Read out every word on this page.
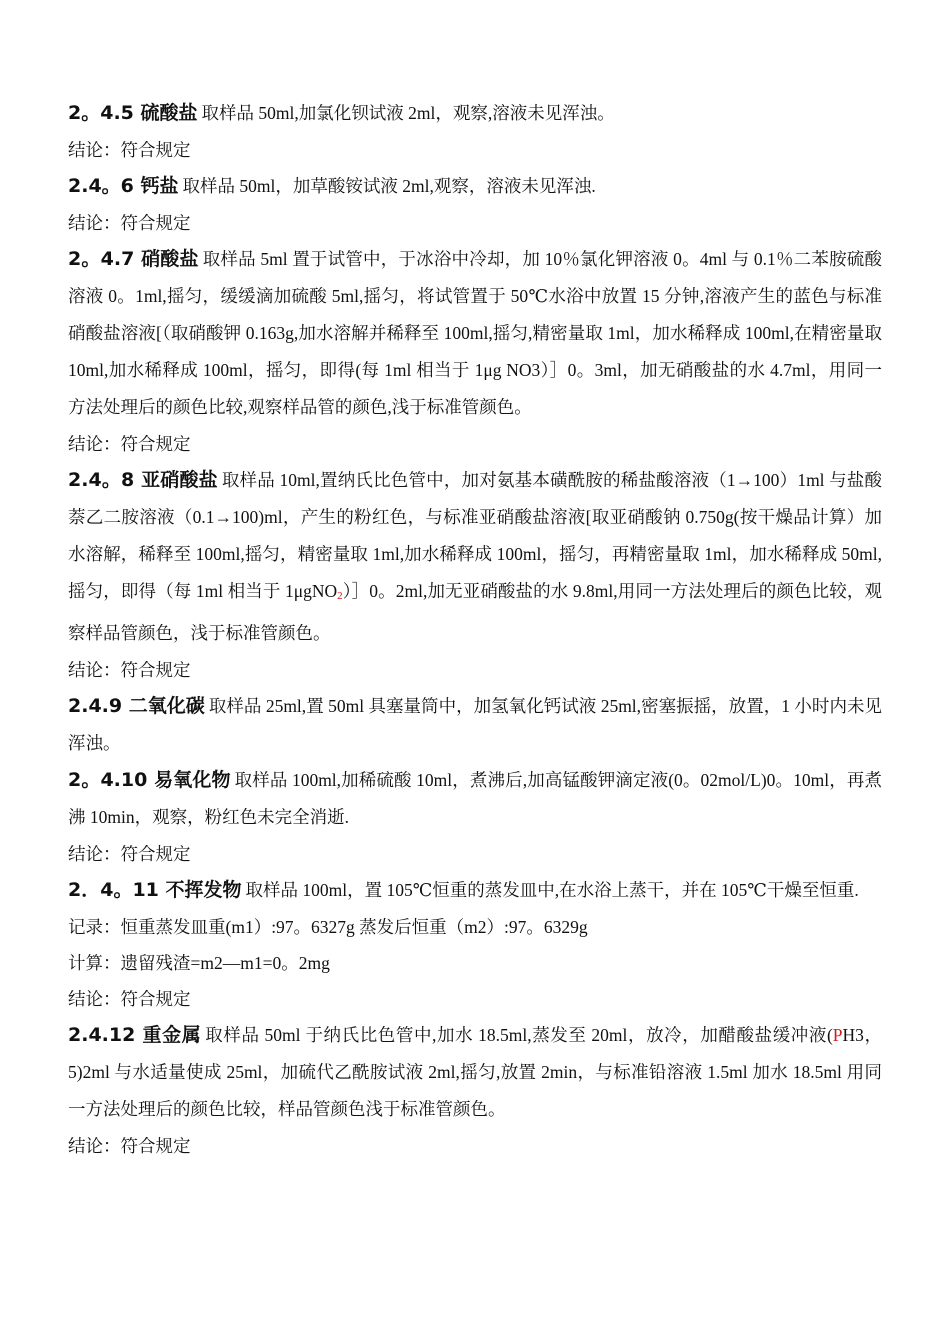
2。4.5 硫酸盐 取样品 50ml,加氯化钡试液 2ml，观察,溶液未见浑浊。

结论：符合规定

2.4。6 钙盐 取样品 50ml，加草酸铵试液 2ml,观察，溶液未见浑浊.

结论：符合规定

2。4.7 硝酸盐 取样品 5ml 置于试管中，于冰浴中冷却，加 10％氯化钾溶液 0。4ml 与 0.1％二苯胺硫酸溶液 0。1ml,摇匀，缓缓滴加硫酸 5ml,摇匀，将试管置于 50℃水浴中放置 15 分钟,溶液产生的蓝色与标准硝酸盐溶液[（取硝酸钾 0.163g,加水溶解并稀释至 100ml,摇匀,精密量取 1ml，加水稀释成 100ml,在精密量取 10ml,加水稀释成 100ml，摇匀，即得(每 1ml 相当于 1μg NO3）］0。3ml，加无硝酸盐的水 4.7ml，用同一方法处理后的颜色比较,观察样品管的颜色,浅于标准管颜色。

结论：符合规定

2.4。8 亚硝酸盐 取样品 10ml,置纳氏比色管中，加对氨基本磺酰胺的稀盐酸溶液（1→100）1ml 与盐酸萘乙二胺溶液（0.1→100)ml，产生的粉红色，与标准亚硝酸盐溶液[取亚硝酸钠 0.750g(按干燥品计算）加水溶解，稀释至 100ml,摇匀，精密量取 1ml,加水稀释成 100ml，摇匀，再精密量取 1ml，加水稀释成 50ml,摇匀，即得（每 1ml 相当于 1μgNO2）］0。2ml,加无亚硝酸盐的水 9.8ml,用同一方法处理后的颜色比较，观察样品管颜色，浅于标准管颜色。

结论：符合规定

2.4.9 二氧化碳 取样品 25ml,置 50ml 具塞量筒中，加氢氧化钙试液 25ml,密塞振摇，放置，1 小时内未见浑浊。

2。4.10 易氧化物 取样品 100ml,加稀硫酸 10ml，煮沸后,加高锰酸钾滴定液(0。02mol/L)0。10ml，再煮沸 10min，观察，粉红色未完全消逝.

结论：符合规定

2．4。11 不挥发物 取样品 100ml，置 105℃恒重的蒸发皿中,在水浴上蒸干，并在 105℃干燥至恒重.

记录：恒重蒸发皿重(m1）:97。6327g 蒸发后恒重（m2）:97。6329g

计算：遗留残渣=m2—m1=0。2mg

结论：符合规定

2.4.12 重金属 取样品 50ml 于纳氏比色管中,加水 18.5ml,蒸发至 20ml，放冷，加醋酸盐缓冲液(PH3，5)2ml 与水适量使成 25ml，加硫代乙酰胺试液 2ml,摇匀,放置 2min，与标准铅溶液 1.5ml 加水 18.5ml 用同一方法处理后的颜色比较，样品管颜色浅于标准管颜色。

结论：符合规定
